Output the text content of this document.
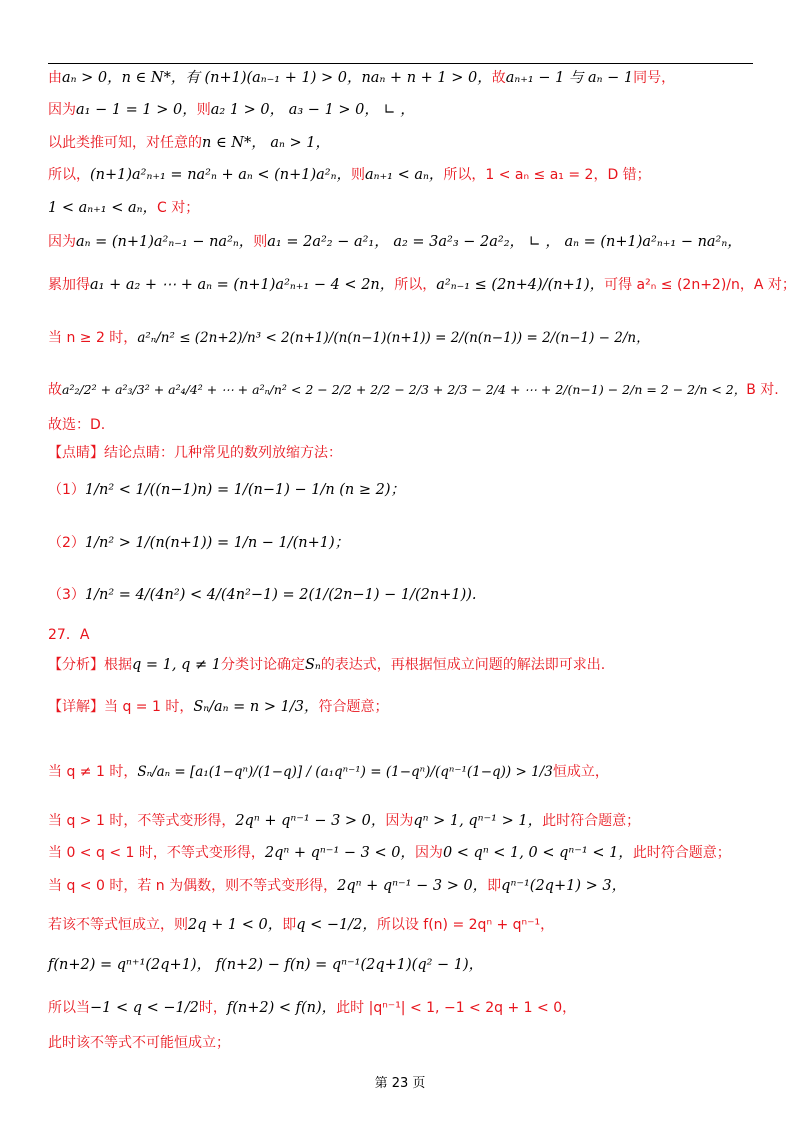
由aₙ > 0，n ∈ N*，有 (n+1)(aₙ₋₁ + 1) > 0，naₙ + n + 1 > 0，故aₙ₊₁ − 1 与 aₙ − 1同号，
因为a₁ − 1 = 1 > 0，则a₂ 1 > 0， a₃ − 1 > 0， ∟ ，
以此类推可知，对任意的n ∈ N*， aₙ > 1，
所以，(n+1)a²ₙ₊₁ = na²ₙ + aₙ < (n+1)a²ₙ，则aₙ₊₁ < aₙ，所以，1 < aₙ ≤ a₁ = 2，D 错；
1 < aₙ₊₁ < aₙ，C 对；
因为aₙ = (n+1)a²ₙ₋₁ − na²ₙ，则a₁ = 2a²₂ − a²₁， a₂ = 3a²₃ − 2a²₂， ∟ ， aₙ = (n+1)a²ₙ₊₁ − na²ₙ，
累加得a₁ + a₂ + ⋯ + aₙ = (n+1)a²ₙ₊₁ − 4 < 2n，所以，a²ₙ₋₁ ≤ (2n+4)/(n+1)，可得 a²ₙ ≤ (2n+2)/n，A 对；
当 n ≥ 2 时，a²ₙ/n² ≤ (2n+2)/n³ < 2(n+1)/(n(n−1)(n+1)) = 2/(n(n−1)) = 2/(n−1) − 2/n，
故a²₂/2² + a²₃/3² + a²₄/4² + ⋯ + a²ₙ/n² < 2 − 2/2 + 2/2 − 2/3 + 2/3 − 2/4 + ⋯ + 2/(n−1) − 2/n = 2 − 2/n < 2，B 对.
故选：D.
【点睛】结论点睛：几种常见的数列放缩方法：
（1）1/n² < 1/((n−1)n) = 1/(n−1) − 1/n (n ≥ 2)；
（2）1/n² > 1/(n(n+1)) = 1/n − 1/(n+1)；
（3）1/n² = 4/(4n²) < 4/(4n²−1) = 2(1/(2n−1) − 1/(2n+1)).
27．A
【分析】根据q = 1, q ≠ 1分类讨论确定Sₙ的表达式，再根据恒成立问题的解法即可求出.
【详解】当 q = 1 时，Sₙ/aₙ = n > 1/3，符合题意；
当 q ≠ 1 时，Sₙ/aₙ = [a₁(1−qⁿ)/(1−q)] / (a₁qⁿ⁻¹) = (1−qⁿ)/(qⁿ⁻¹(1−q)) > 1/3恒成立，
当 q > 1 时，不等式变形得，2qⁿ + qⁿ⁻¹ − 3 > 0，因为qⁿ > 1, qⁿ⁻¹ > 1，此时符合题意；
当 0 < q < 1 时，不等式变形得，2qⁿ + qⁿ⁻¹ − 3 < 0，因为0 < qⁿ < 1, 0 < qⁿ⁻¹ < 1，此时符合题意；
当 q < 0 时，若 n 为偶数，则不等式变形得，2qⁿ + qⁿ⁻¹ − 3 > 0，即qⁿ⁻¹(2q+1) > 3，
若该不等式恒成立，则2q + 1 < 0，即q < −1/2，所以设 f(n) = 2qⁿ + qⁿ⁻¹，
f(n+2) = qⁿ⁺¹(2q+1)， f(n+2) − f(n) = qⁿ⁻¹(2q+1)(q² − 1)，
所以当−1 < q < −1/2时，f(n+2) < f(n)，此时 |qⁿ⁻¹| < 1, −1 < 2q + 1 < 0，
此时该不等式不可能恒成立；
第 23 页
